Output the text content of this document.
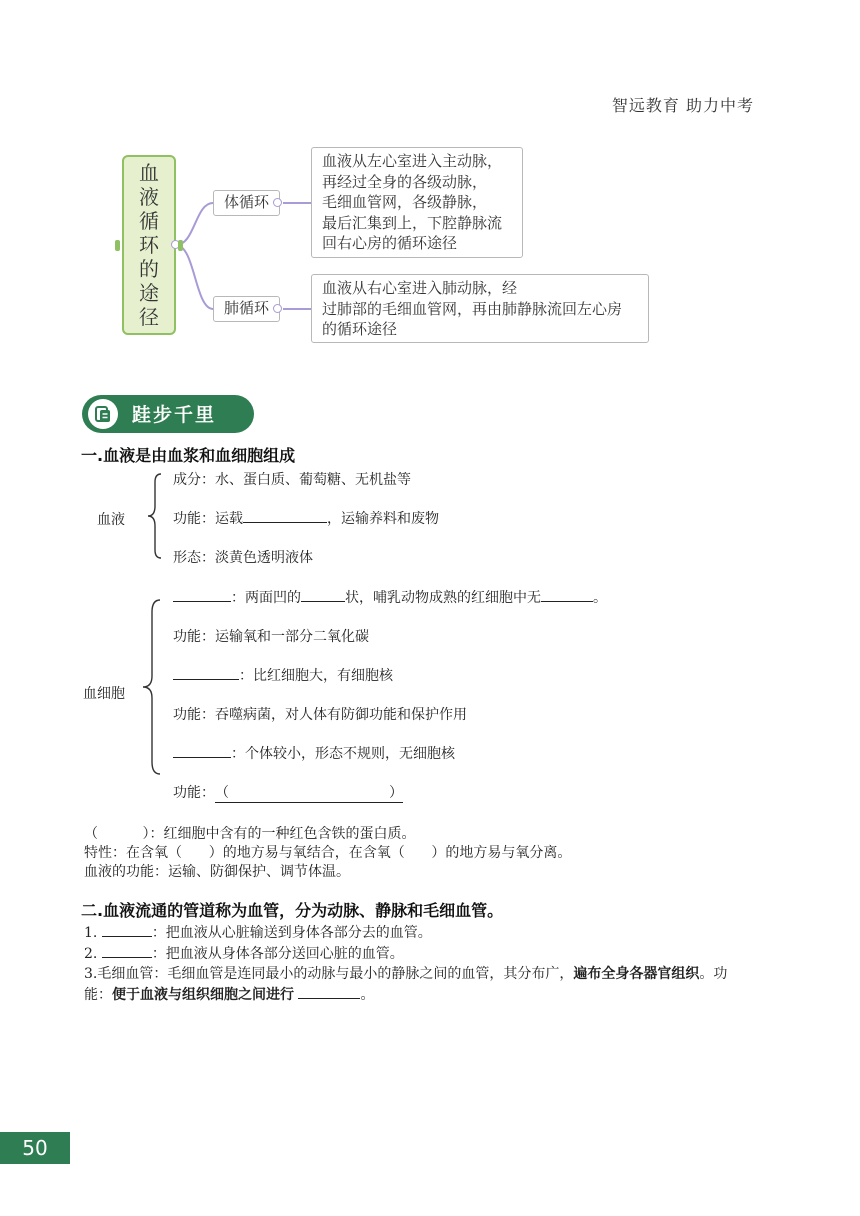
智远教育 助力中考
血
液
循
环
的
途
径
体循环
血液从左心室进入主动脉，
再经过全身的各级动脉，
毛细血管网，各级静脉，
最后汇集到上，下腔静脉流
回右心房的循环途径
肺循环
血液从右心室进入肺动脉，经
过肺部的毛细血管网，再由肺静脉流回左心房
的循环途径
跬步千里
一.血液是由血浆和血细胞组成
血液
成分：水、蛋白质、葡萄糖、无机盐等
功能：运载	，运输养料和废物
形态：淡黄色透明液体
血细胞
：两面凹的	状，哺乳动物成熟的红细胞中无	。
功能：运输氧和一部分二氧化碳
：比红细胞大，有细胞核
功能：吞噬病菌，对人体有防御功能和保护作用
：个体较小，形态不规则，无细胞核
功能：（	）
（          ）：红细胞中含有的一种红色含铁的蛋白质。
特性：在含氧（      ）的地方易与氧结合，在含氧（      ）的地方易与氧分离。
血液的功能：运输、防御保护、调节体温。
二.血液流通的管道称为血管，分为动脉、静脉和毛细血管。
1.	：把血液从心脏输送到身体各部分去的血管。
2.	：把血液从身体各部分送回心脏的血管。
3.毛细血管：毛细血管是连同最小的动脉与最小的静脉之间的血管，其分布广，遍布全身各器官组织。功
能：便于血液与组织细胞之间进行	。
50
